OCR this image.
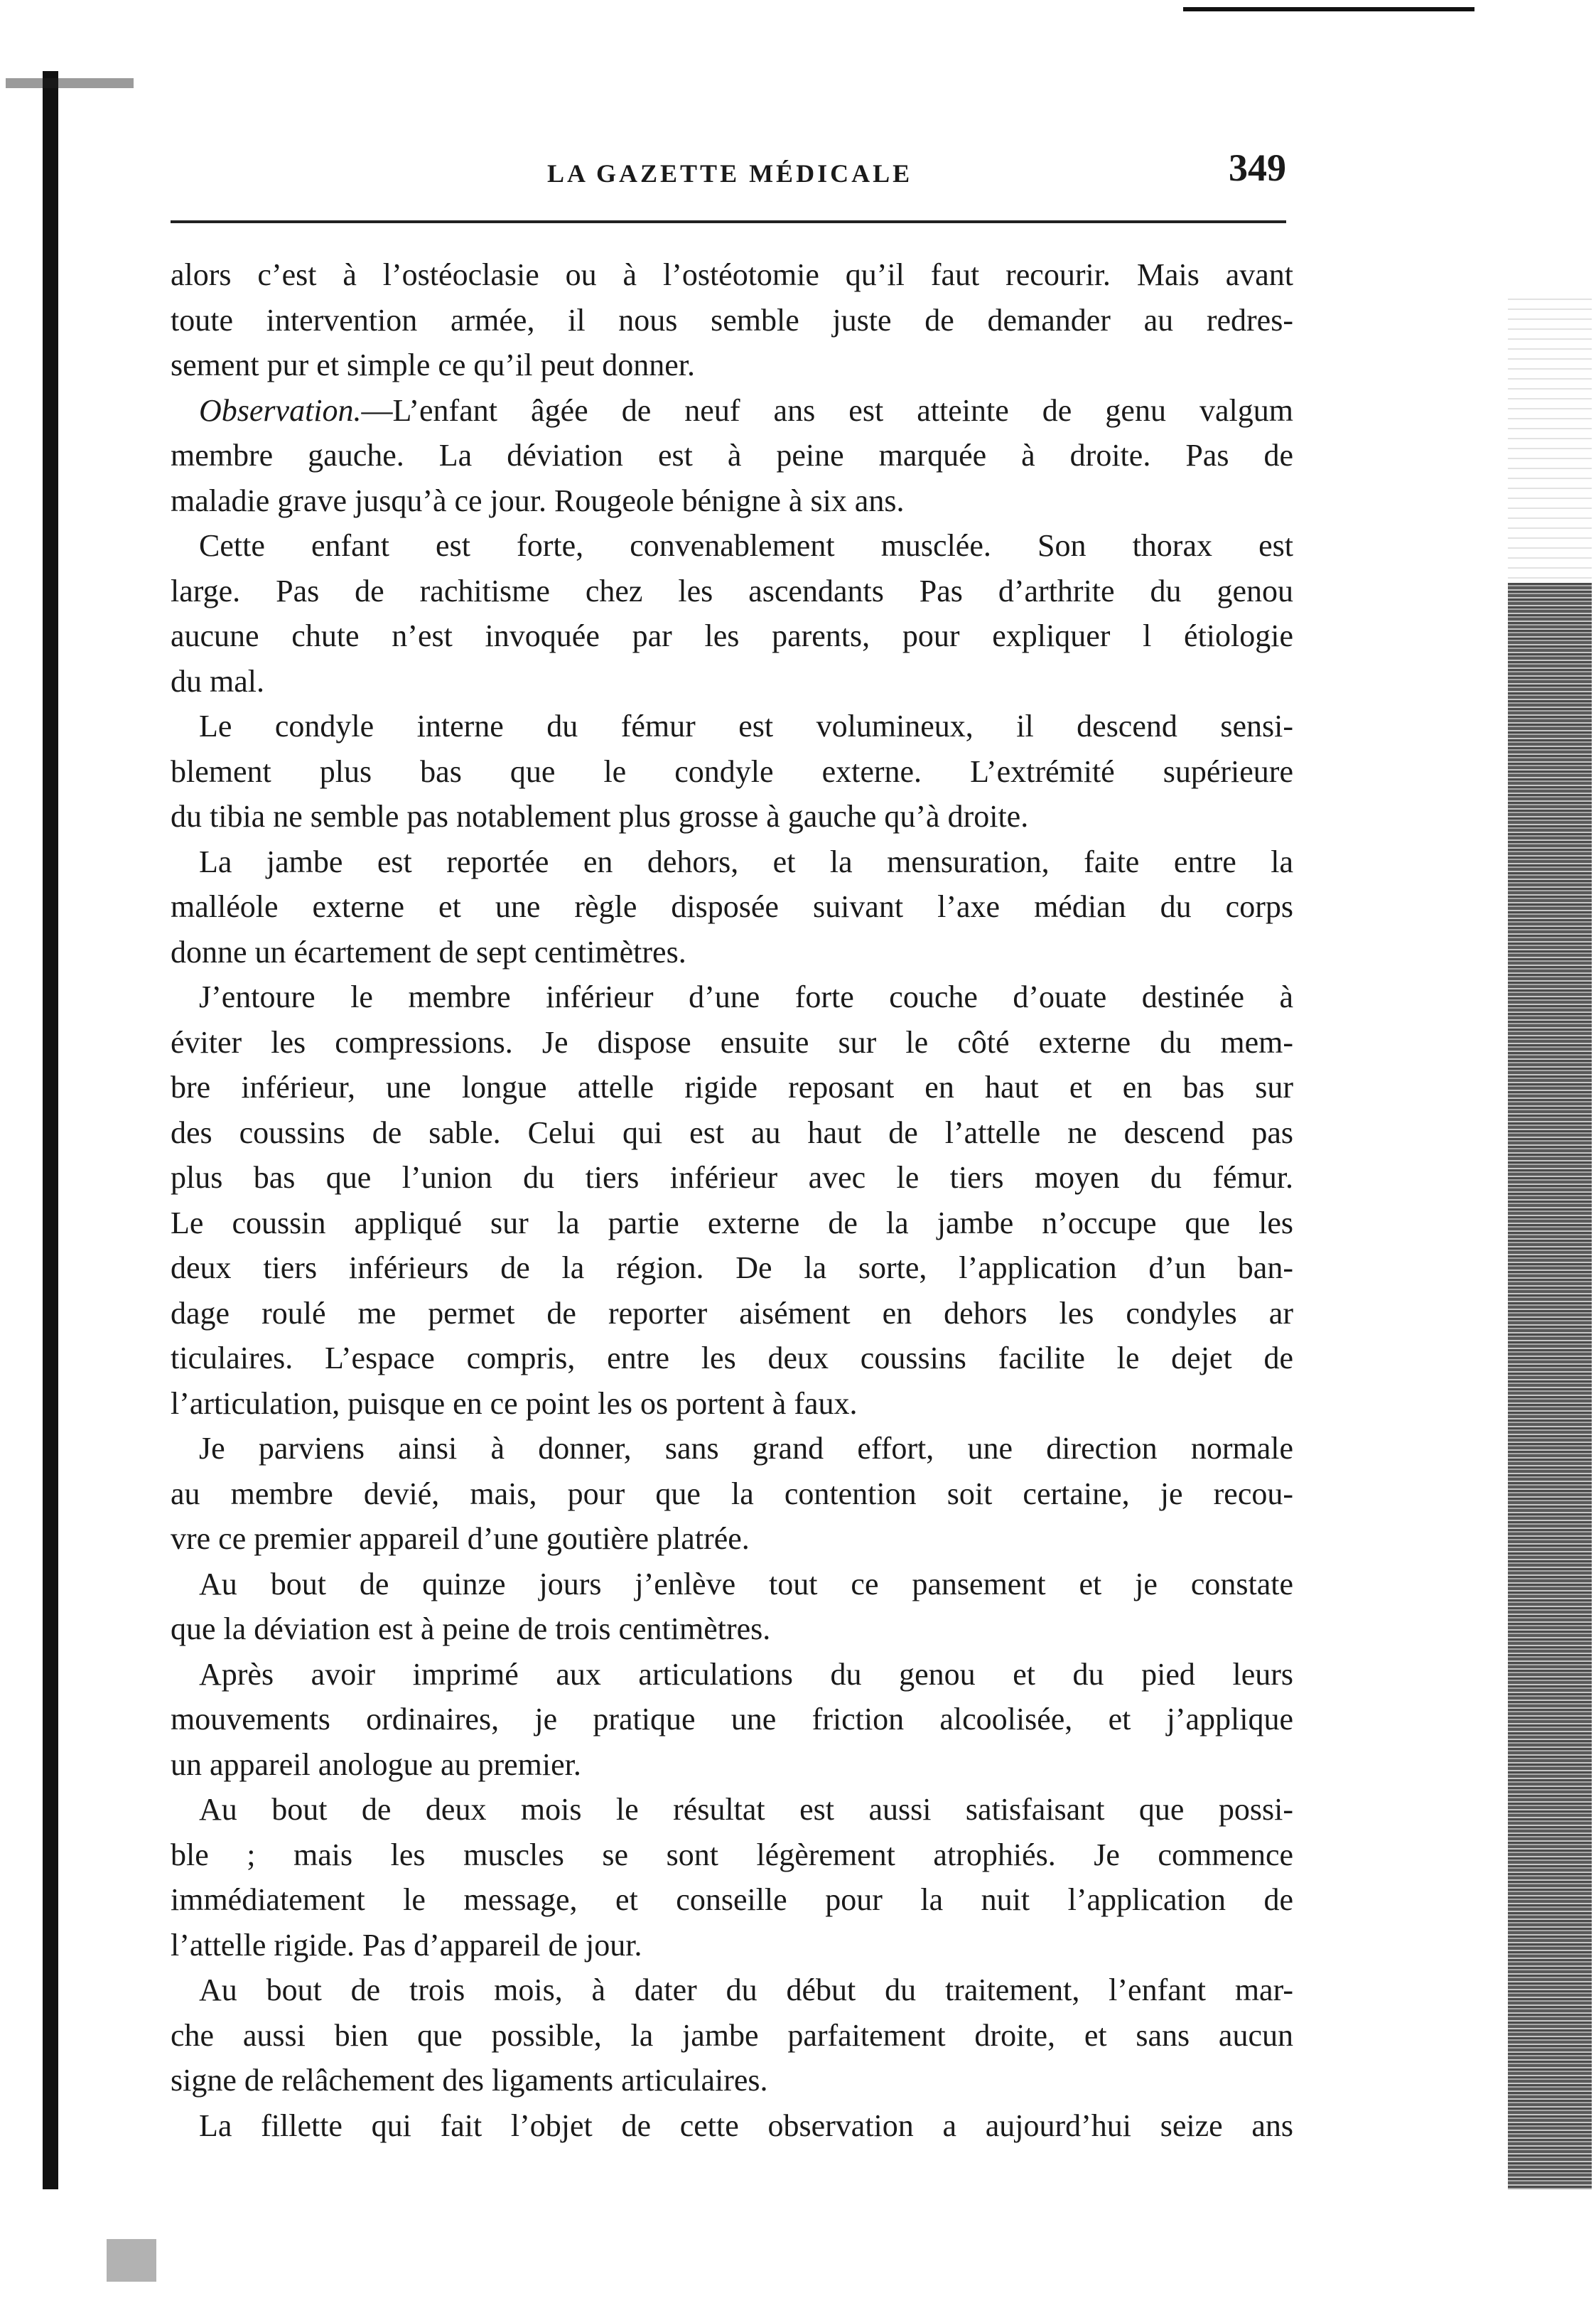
LA GAZETTE MÉDICALE	349
alors c’est à l’ostéoclasie ou à l’ostéotomie qu’il faut recourir. Mais avant
toute intervention armée, il nous semble juste de demander au redres-
sement pur et simple ce qu’il peut donner.
Observation.—L’enfant âgée de neuf ans est atteinte de genu valgum
membre gauche. La déviation est à peine marquée à droite. Pas de
maladie grave jusqu’à ce jour. Rougeole bénigne à six ans.
Cette enfant est forte, convenablement musclée. Son thorax est
large. Pas de rachitisme chez les ascendants Pas d’arthrite du genou
aucune chute n’est invoquée par les parents, pour expliquer l étiologie
du mal.
Le condyle interne du fémur est volumineux, il descend sensi-
blement plus bas que le condyle externe. L’extrémité supérieure
du tibia ne semble pas notablement plus grosse à gauche qu’à droite.
La jambe est reportée en dehors, et la mensuration, faite entre la
malléole externe et une règle disposée suivant l’axe médian du corps
donne un écartement de sept centimètres.
J’entoure le membre inférieur d’une forte couche d’ouate destinée à
éviter les compressions. Je dispose ensuite sur le côté externe du mem-
bre inférieur, une longue attelle rigide reposant en haut et en bas sur
des coussins de sable. Celui qui est au haut de l’attelle ne descend pas
plus bas que l’union du tiers inférieur avec le tiers moyen du fémur.
Le coussin appliqué sur la partie externe de la jambe n’occupe que les
deux tiers inférieurs de la région. De la sorte, l’application d’un ban-
dage roulé me permet de reporter aisément en dehors les condyles ar
ticulaires. L’espace compris, entre les deux coussins facilite le dejet de
l’articulation, puisque en ce point les os portent à faux.
Je parviens ainsi à donner, sans grand effort, une direction normale
au membre devié, mais, pour que la contention soit certaine, je recou-
vre ce premier appareil d’une goutière platrée.
Au bout de quinze jours j’enlève tout ce pansement et je constate
que la déviation est à peine de trois centimètres.
Après avoir imprimé aux articulations du genou et du pied leurs
mouvements ordinaires, je pratique une friction alcoolisée, et j’applique
un appareil anologue au premier.
Au bout de deux mois le résultat est aussi satisfaisant que possi-
ble ; mais les muscles se sont légèrement atrophiés. Je commence
immédiatement le message, et conseille pour la nuit l’application de
l’attelle rigide. Pas d’appareil de jour.
Au bout de trois mois, à dater du début du traitement, l’enfant mar-
che aussi bien que possible, la jambe parfaitement droite, et sans aucun
signe de relâchement des ligaments articulaires.
La fillette qui fait l’objet de cette observation a aujourd’hui seize ans
